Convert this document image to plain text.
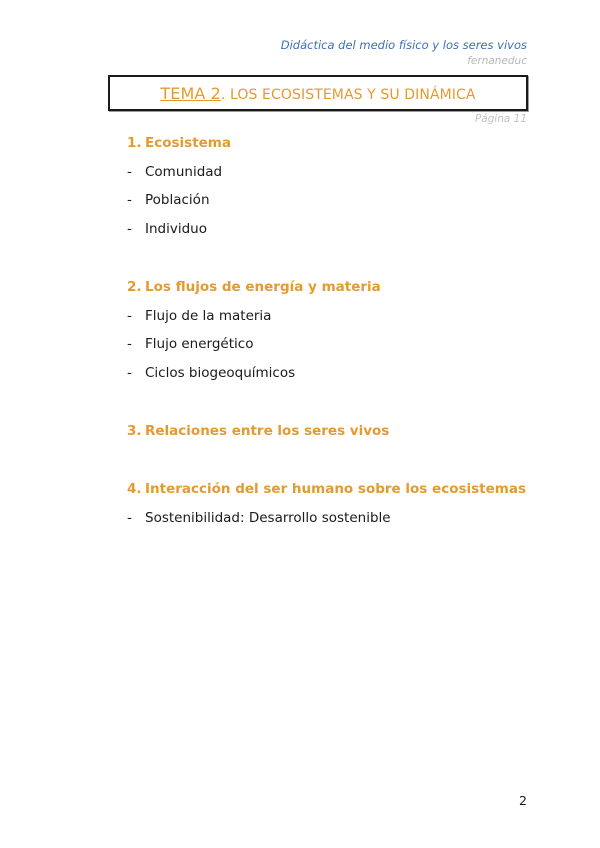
Didáctica del medio físico y los seres vivos
fernaneduc
TEMA 2. LOS ECOSISTEMAS Y SU DINÁMICA
Página 11
1. Ecosistema
- Comunidad
- Población
- Individuo
2. Los flujos de energía y materia
- Flujo de la materia
- Flujo energético
- Ciclos biogeoquímicos
3. Relaciones entre los seres vivos
4. Interacción del ser humano sobre los ecosistemas
- Sostenibilidad: Desarrollo sostenible
2
